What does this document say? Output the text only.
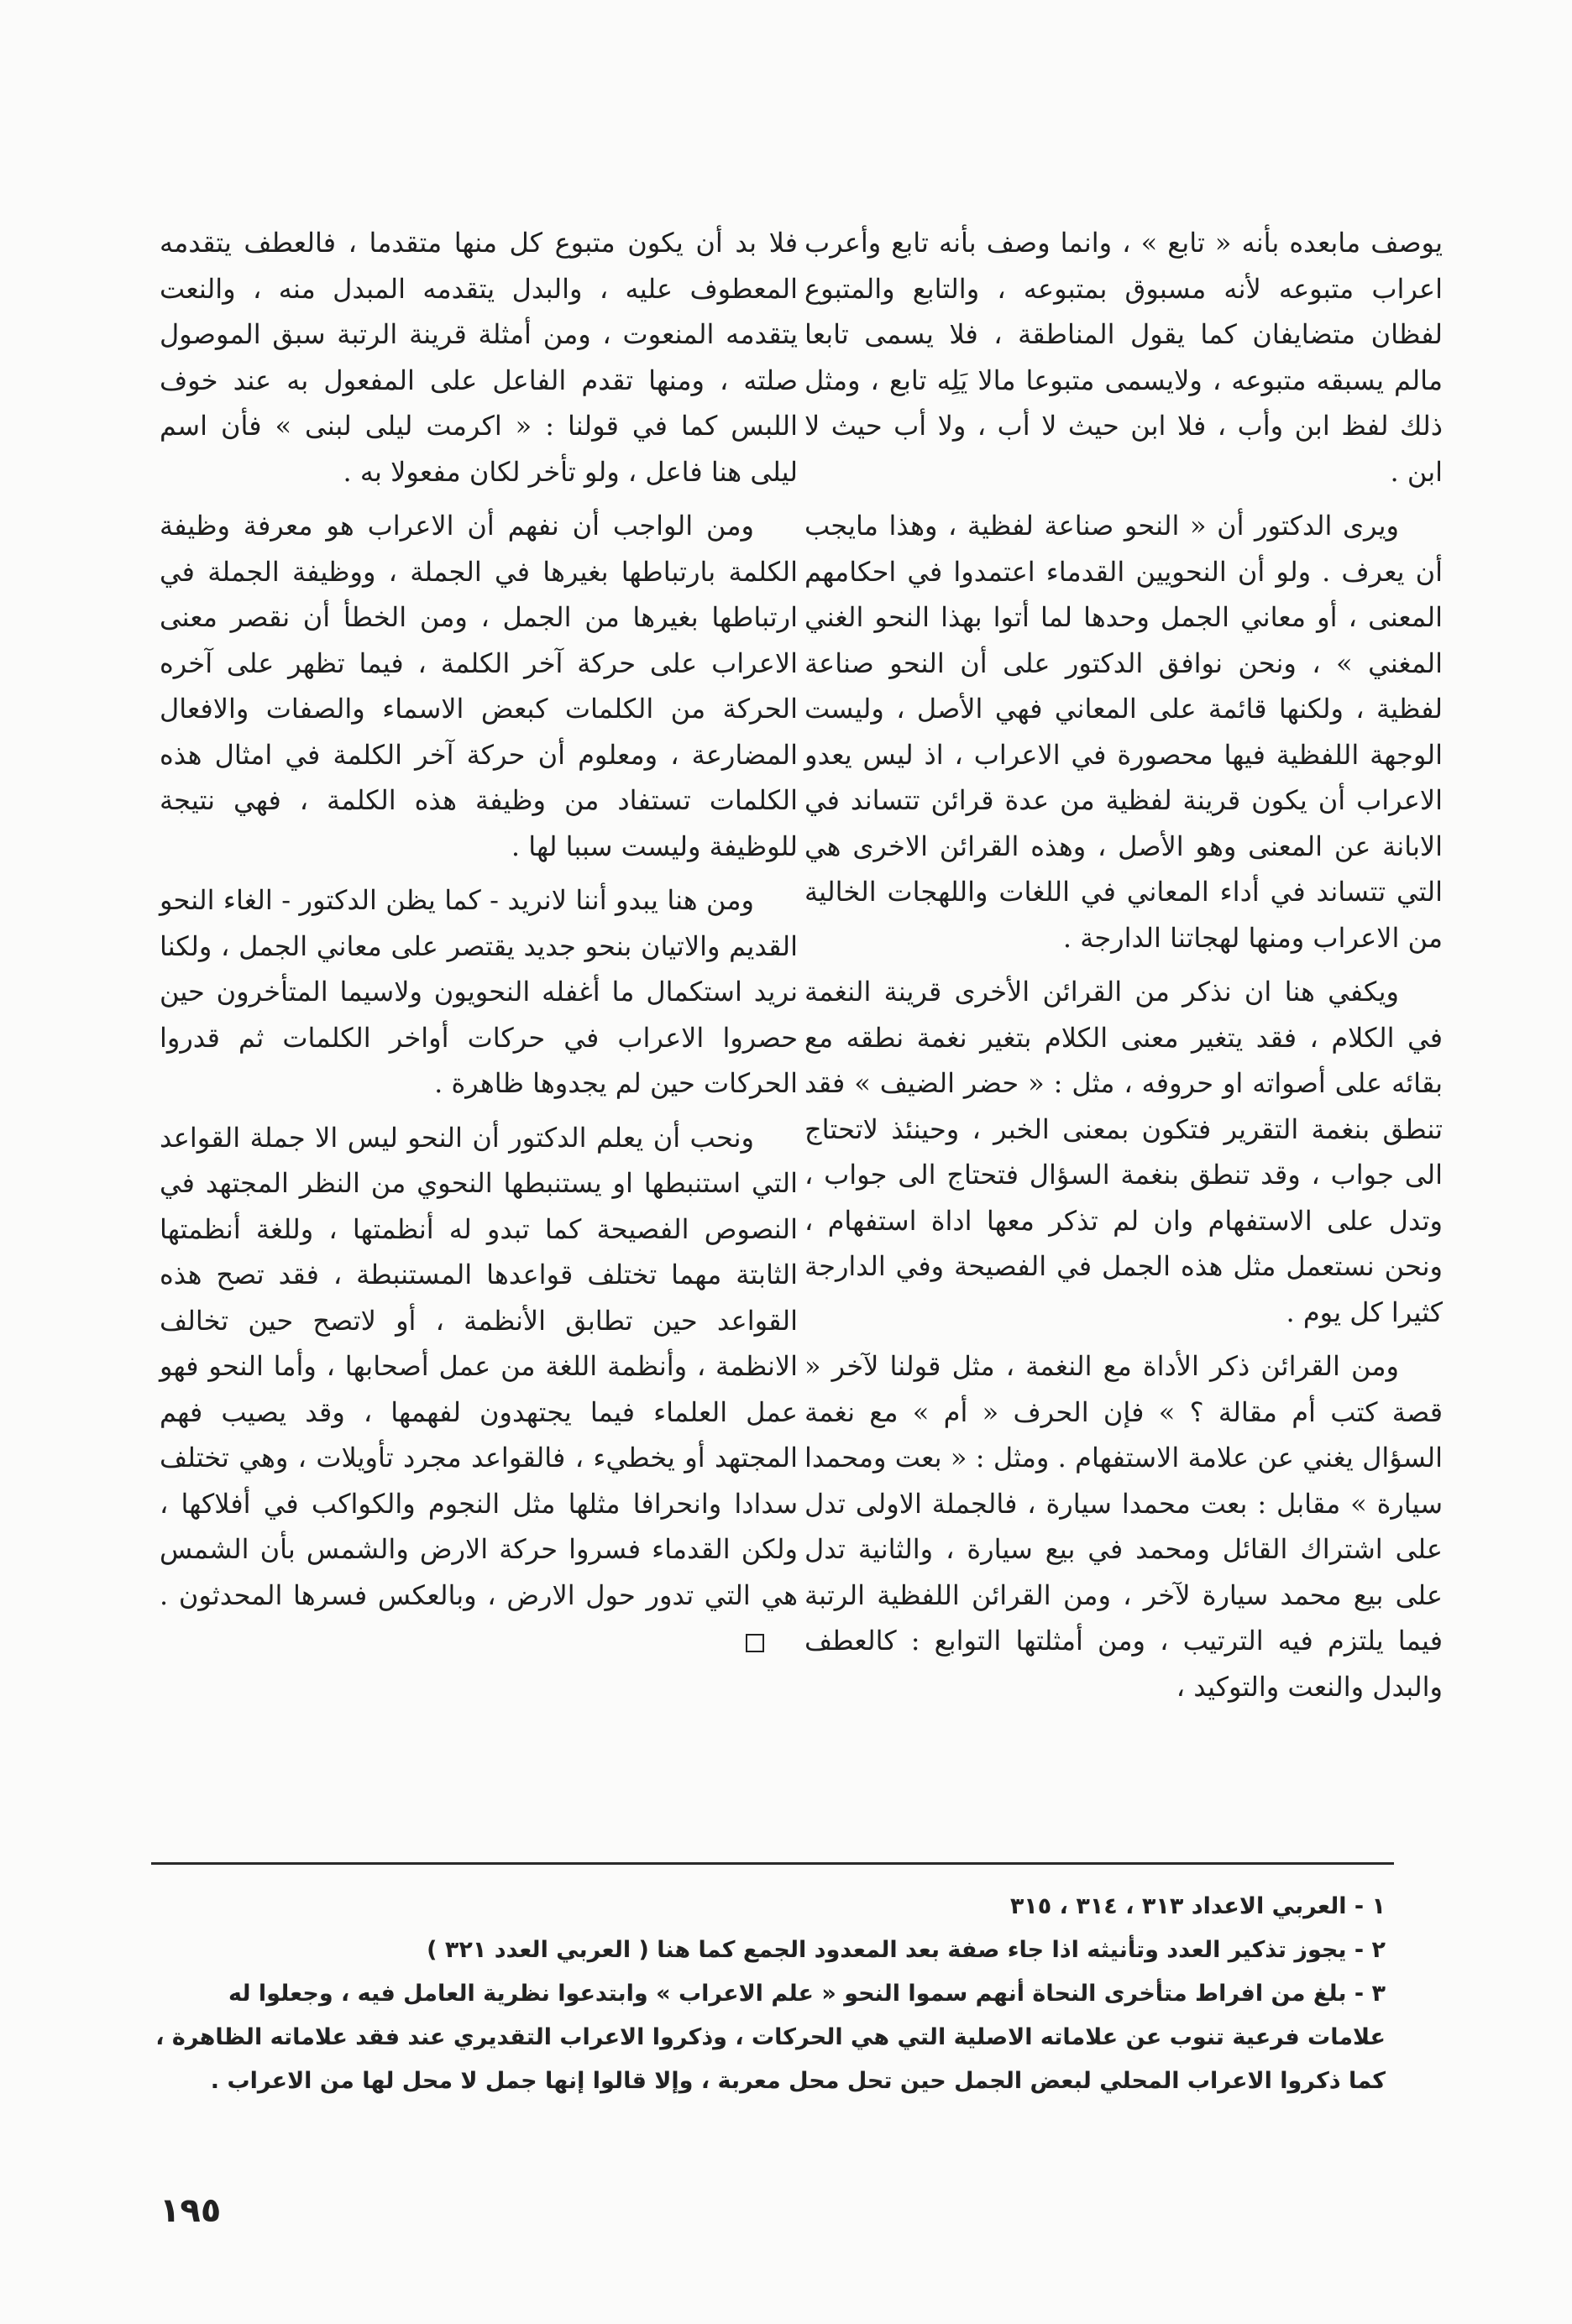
يوصف مابعده بأنه « تابع » ، وانما وصف بأنه تابع وأعرب اعراب متبوعه لأنه مسبوق بمتبوعه ، والتابع والمتبوع لفظان متضايفان كما يقول المناطقة ، فلا يسمى تابعا مالم يسبقه متبوعه ، ولايسمى متبوعا مالا يَلِه تابع ، ومثل ذلك لفظ ابن وأب ، فلا ابن حيث لا أب ، ولا أب حيث لا ابن .

ويرى الدكتور أن « النحو صناعة لفظية ، وهذا مايجب أن يعرف . ولو أن النحويين القدماء اعتمدوا في احكامهم المعنى ، أو معاني الجمل وحدها لما أتوا بهذا النحو الغني المغني » ، ونحن نوافق الدكتور على أن النحو صناعة لفظية ، ولكنها قائمة على المعاني فهي الأصل ، وليست الوجهة اللفظية فيها محصورة في الاعراب ، اذ ليس يعدو الاعراب أن يكون قرينة لفظية من عدة قرائن تتساند في الابانة عن المعنى وهو الأصل ، وهذه القرائن الاخرى هي التي تتساند في أداء المعاني في اللغات واللهجات الخالية من الاعراب ومنها لهجاتنا الدارجة .

ويكفي هنا ان نذكر من القرائن الأخرى قرينة النغمة في الكلام ، فقد يتغير معنى الكلام بتغير نغمة نطقه مع بقائه على أصواته او حروفه ، مثل : « حضر الضيف » فقد تنطق بنغمة التقرير فتكون بمعنى الخبر ، وحينئذ لاتحتاج الى جواب ، وقد تنطق بنغمة السؤال فتحتاج الى جواب ، وتدل على الاستفهام وان لم تذكر معها اداة استفهام ، ونحن نستعمل مثل هذه الجمل في الفصيحة وفي الدارجة كثيرا كل يوم .

ومن القرائن ذكر الأداة مع النغمة ، مثل قولنا لآخر « قصة كتب أم مقالة ؟ » فإن الحرف « أم » مع نغمة السؤال يغني عن علامة الاستفهام . ومثل : « بعت ومحمدا سيارة » مقابل : بعت محمدا سيارة ، فالجملة الاولى تدل على اشتراك القائل ومحمد في بيع سيارة ، والثانية تدل على بيع محمد سيارة لآخر ، ومن القرائن اللفظية الرتبة فيما يلتزم فيه الترتيب ، ومن أمثلتها التوابع : كالعطف والبدل والنعت والتوكيد ،

فلا بد أن يكون متبوع كل منها متقدما ، فالعطف يتقدمه المعطوف عليه ، والبدل يتقدمه المبدل منه ، والنعت يتقدمه المنعوت ، ومن أمثلة قرينة الرتبة سبق الموصول صلته ، ومنها تقدم الفاعل على المفعول به عند خوف اللبس كما في قولنا : « اكرمت ليلى لبنى » فأن اسم ليلى هنا فاعل ، ولو تأخر لكان مفعولا به .

ومن الواجب أن نفهم أن الاعراب هو معرفة وظيفة الكلمة بارتباطها بغيرها في الجملة ، ووظيفة الجملة في ارتباطها بغيرها من الجمل ، ومن الخطأ أن نقصر معنى الاعراب على حركة آخر الكلمة ، فيما تظهر على آخره الحركة من الكلمات كبعض الاسماء والصفات والافعال المضارعة ، ومعلوم أن حركة آخر الكلمة في امثال هذه الكلمات تستفاد من وظيفة هذه الكلمة ، فهي نتيجة للوظيفة وليست سببا لها .

ومن هنا يبدو أننا لانريد - كما يظن الدكتور - الغاء النحو القديم والاتيان بنحو جديد يقتصر على معاني الجمل ، ولكنا نريد استكمال ما أغفله النحويون ولاسيما المتأخرون حين حصروا الاعراب في حركات أواخر الكلمات ثم قدروا الحركات حين لم يجدوها ظاهرة .

ونحب أن يعلم الدكتور أن النحو ليس الا جملة القواعد التي استنبطها او يستنبطها النحوي من النظر المجتهد في النصوص الفصيحة كما تبدو له أنظمتها ، وللغة أنظمتها الثابتة مهما تختلف قواعدها المستنبطة ، فقد تصح هذه القواعد حين تطابق الأنظمة ، أو لاتصح حين تخالف الانظمة ، وأنظمة اللغة من عمل أصحابها ، وأما النحو فهو عمل العلماء فيما يجتهدون لفهمها ، وقد يصيب فهم المجتهد أو يخطيء ، فالقواعد مجرد تأويلات ، وهي تختلف سدادا وانحرافا مثلها مثل النجوم والكواكب في أفلاكها ، ولكن القدماء فسروا حركة الارض والشمس بأن الشمس هي التي تدور حول الارض ، وبالعكس فسرها المحدثون .

١ - العربي الاعداد ٣١٣ ، ٣١٤ ، ٣١٥
٢ - يجوز تذكير العدد وتأنيثه اذا جاء صفة بعد المعدود الجمع كما هنا ( العربي العدد ٣٢١ )
٣ - بلغ من افراط متأخرى النحاة أنهم سموا النحو « علم الاعراب » وابتدعوا نظرية العامل فيه ، وجعلوا له علامات فرعية تنوب عن علاماته الاصلية التي هي الحركات ، وذكروا الاعراب التقديري عند فقد علاماته الظاهرة ، كما ذكروا الاعراب المحلي لبعض الجمل حين تحل محل معربة ، وإلا قالوا إنها جمل لا محل لها من الاعراب .
١٩٥
